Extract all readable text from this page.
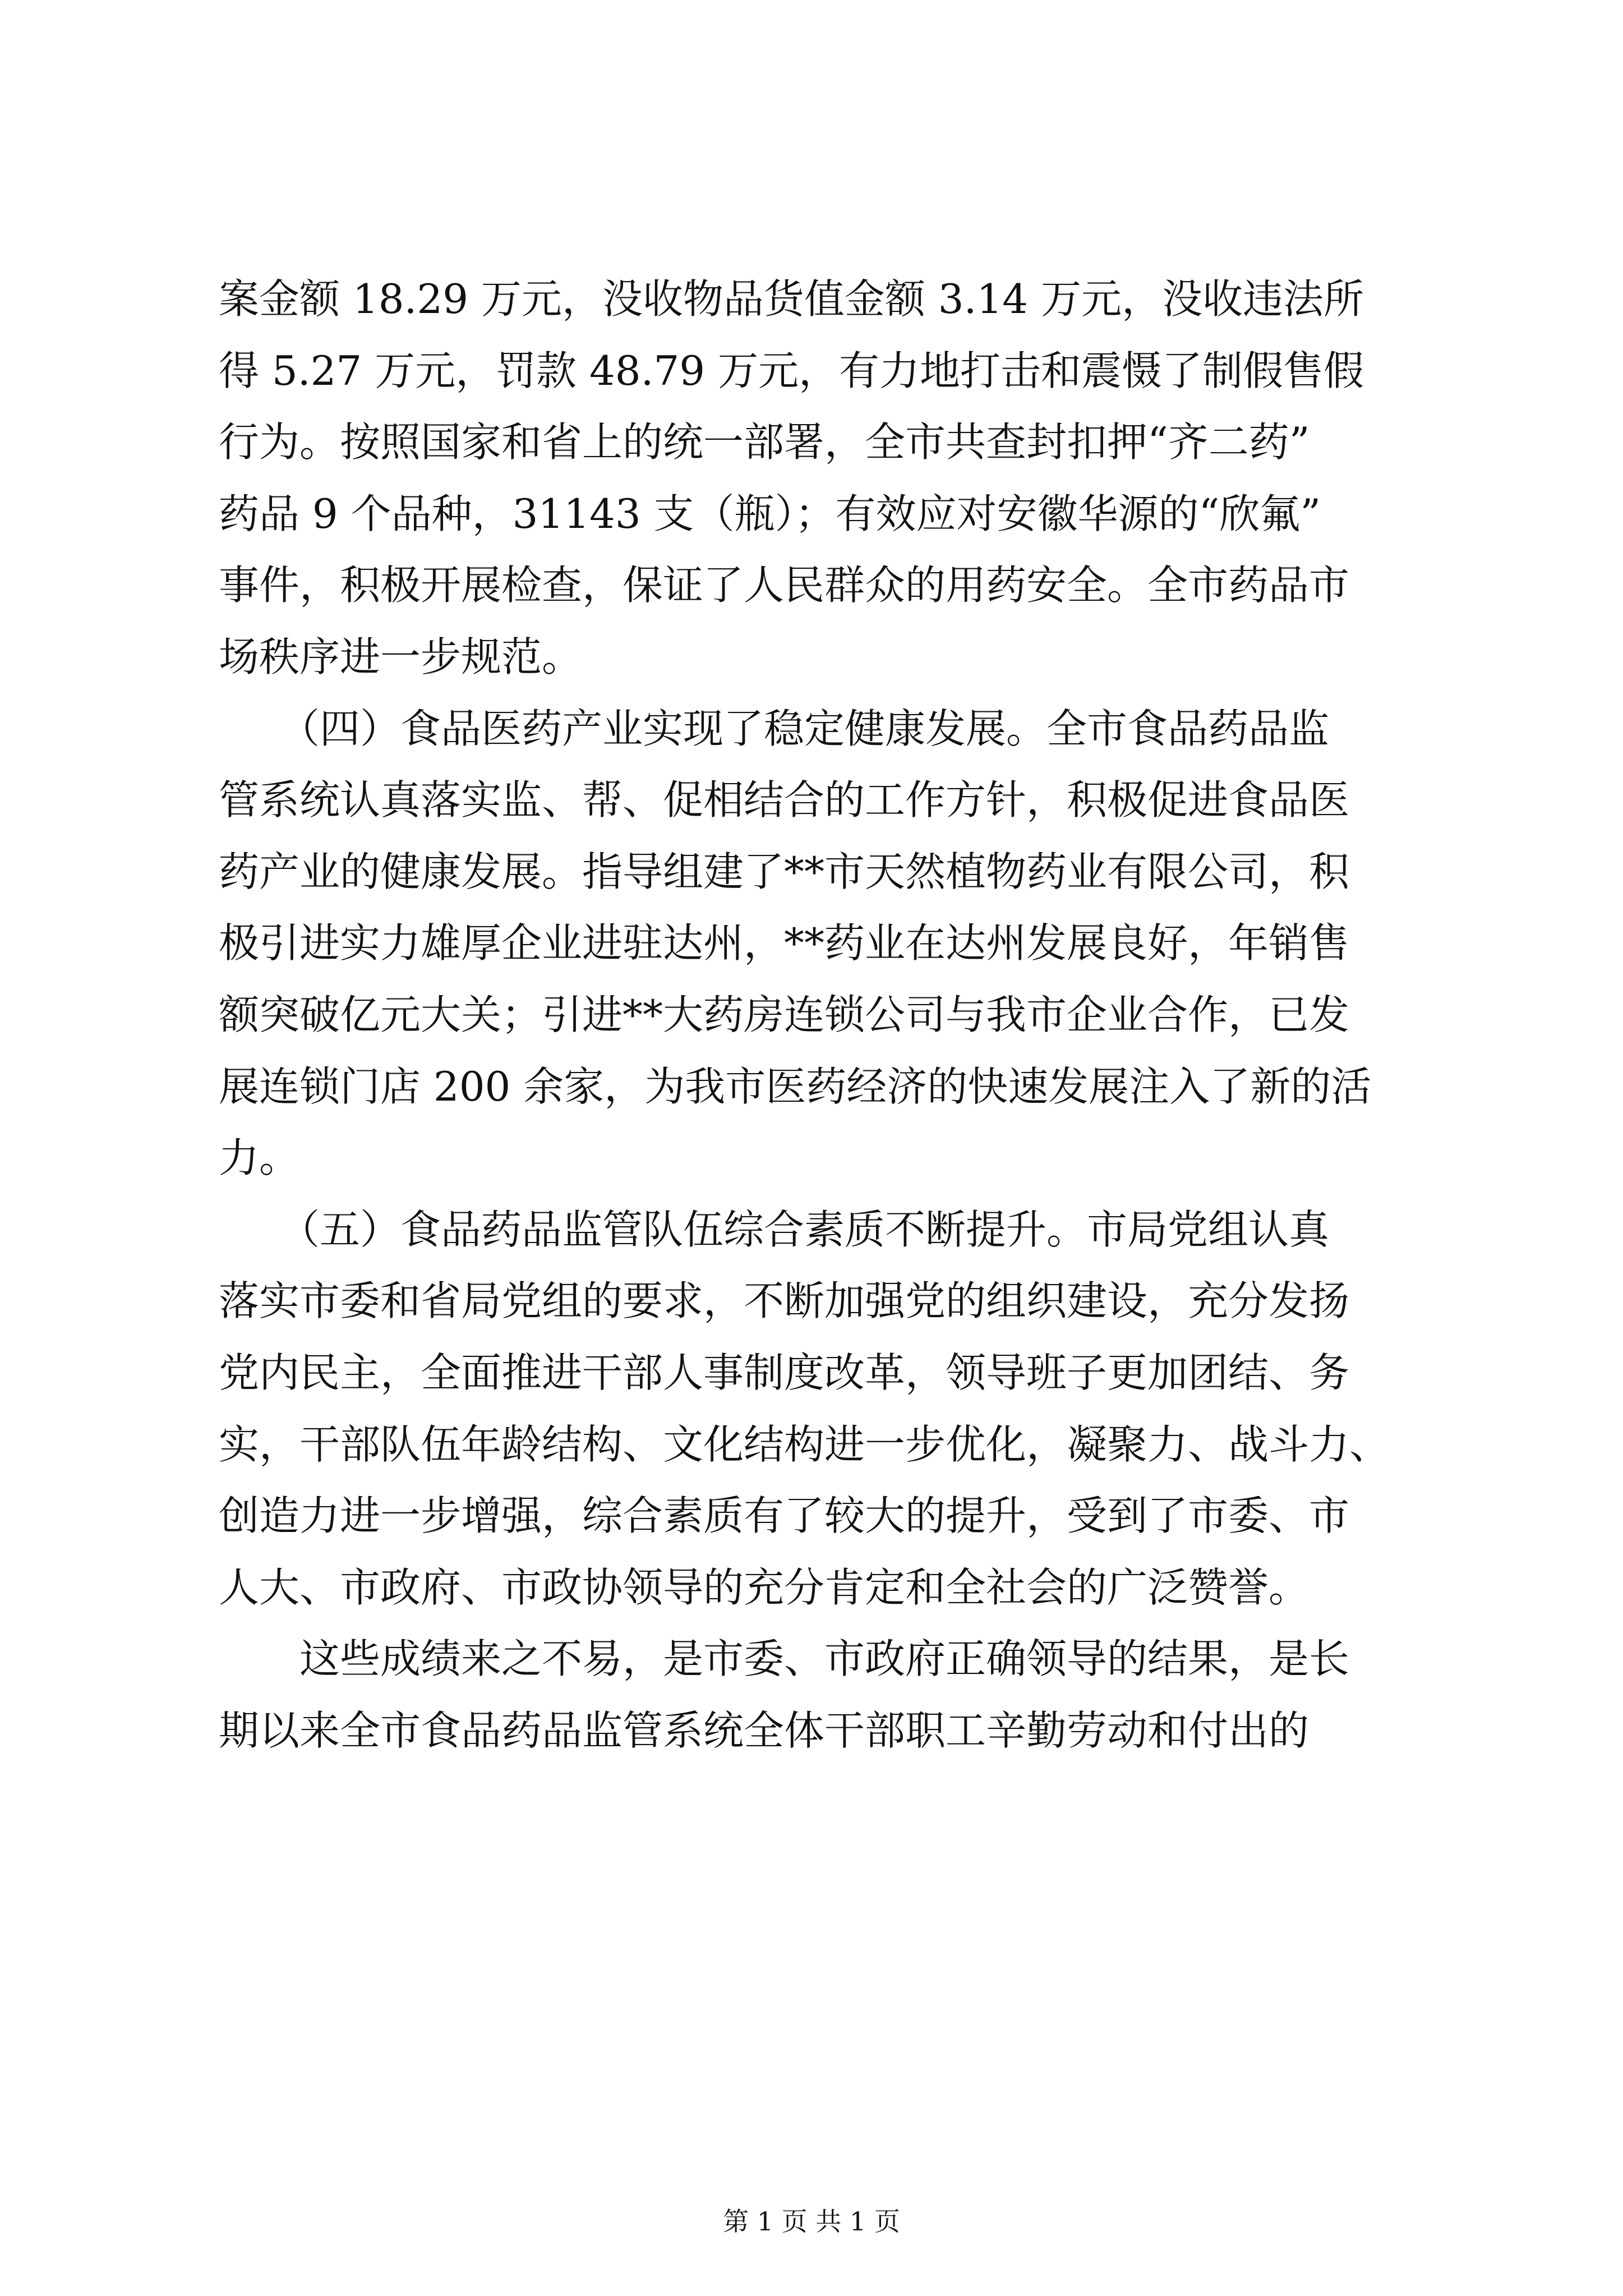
案金额 18.29 万元，没收物品货值金额 3.14 万元，没收违法所
得 5.27 万元，罚款 48.79 万元，有力地打击和震慑了制假售假
行为。按照国家和省上的统一部署，全市共查封扣押“齐二药”
药品 9 个品种，31143 支（瓶）；有效应对安徽华源的“欣氟”
事件，积极开展检查，保证了人民群众的用药安全。全市药品市
场秩序进一步规范。
　　（四）食品医药产业实现了稳定健康发展。全市食品药品监
管系统认真落实监、帮、促相结合的工作方针，积极促进食品医
药产业的健康发展。指导组建了**市天然植物药业有限公司，积
极引进实力雄厚企业进驻达州，**药业在达州发展良好，年销售
额突破亿元大关；引进**大药房连锁公司与我市企业合作，已发
展连锁门店 200 余家，为我市医药经济的快速发展注入了新的活
力。
　　（五）食品药品监管队伍综合素质不断提升。市局党组认真
落实市委和省局党组的要求，不断加强党的组织建设，充分发扬
党内民主，全面推进干部人事制度改革，领导班子更加团结、务
实，干部队伍年龄结构、文化结构进一步优化，凝聚力、战斗力、
创造力进一步增强，综合素质有了较大的提升，受到了市委、市
人大、市政府、市政协领导的充分肯定和全社会的广泛赞誉。
　　这些成绩来之不易，是市委、市政府正确领导的结果，是长
期以来全市食品药品监管系统全体干部职工辛勤劳动和付出的
第 1 页 共 1 页
